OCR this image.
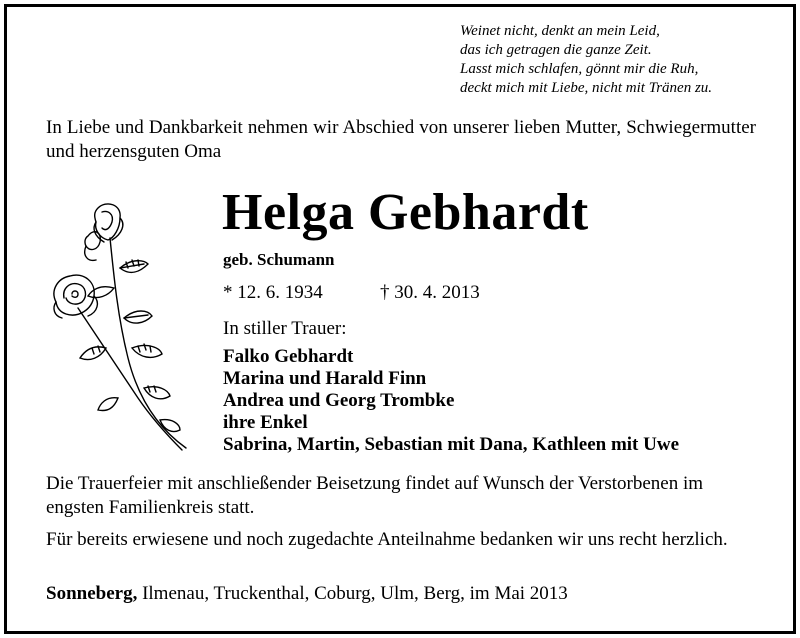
Weinet nicht, denkt an mein Leid,
das ich getragen die ganze Zeit.
Lasst mich schlafen, gönnt mir die Ruh,
deckt mich mit Liebe, nicht mit Tränen zu.
In Liebe und Dankbarkeit nehmen wir Abschied von unserer lieben Mutter, Schwiegermutter und herzensguten Oma
Helga Gebhardt
geb. Schumann
* 12. 6. 1934	† 30. 4. 2013
In stiller Trauer:
Falko Gebhardt
Marina und Harald Finn
Andrea und Georg Trombke
ihre Enkel
Sabrina, Martin, Sebastian mit Dana, Kathleen mit Uwe
Die Trauerfeier mit anschließender Beisetzung findet auf Wunsch der Verstorbenen im engsten Familienkreis statt.
Für bereits erwiesene und noch zugedachte Anteilnahme bedanken wir uns recht herzlich.
Sonneberg, Ilmenau, Truckenthal, Coburg, Ulm, Berg, im Mai 2013
